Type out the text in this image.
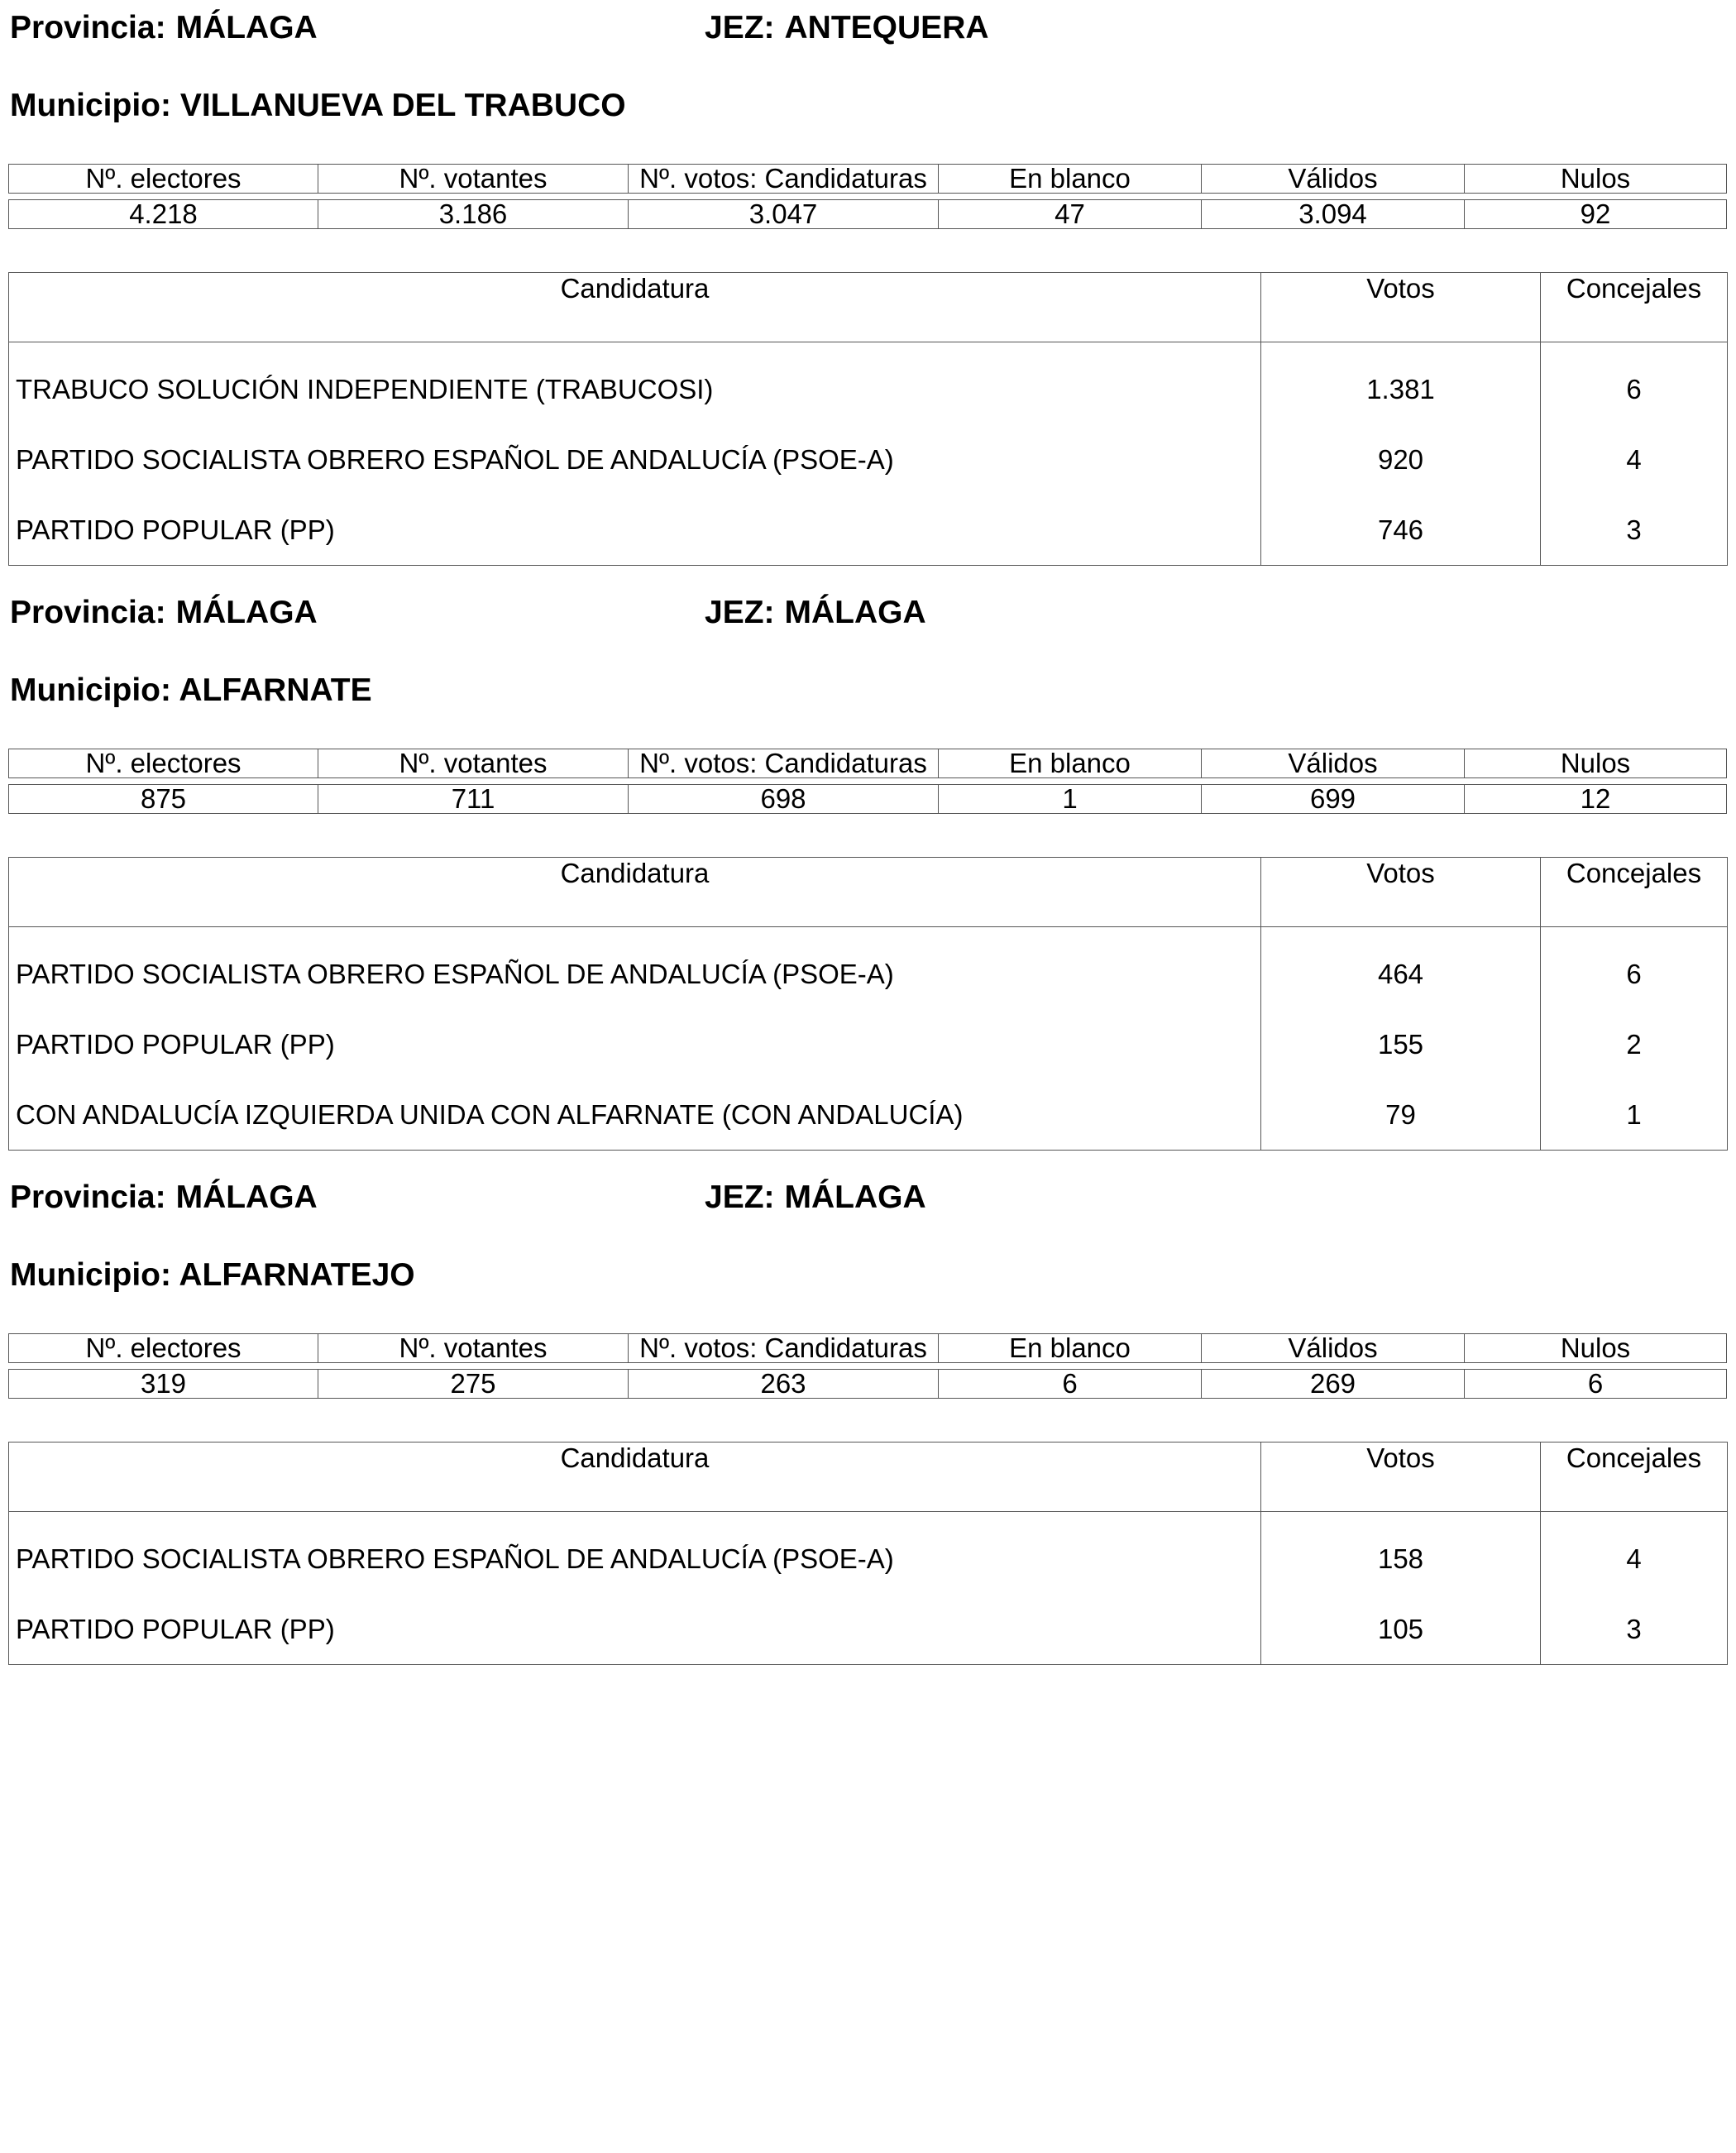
Provincia: MÁLAGA	JEZ: ANTEQUERA
Municipio: VILLANUEVA DEL TRABUCO
Nº. electores	Nº. votantes	Nº. votos: Candidaturas	En blanco	Válidos	Nulos
4.218	3.186	3.047	47	3.094	92
Candidatura	Votos	Concejales
TRABUCO SOLUCIÓN INDEPENDIENTE (TRABUCOSI)	1.381	6
PARTIDO SOCIALISTA OBRERO ESPAÑOL DE ANDALUCÍA (PSOE-A)	920	4
PARTIDO POPULAR (PP)	746	3
Provincia: MÁLAGA	JEZ: MÁLAGA
Municipio: ALFARNATE
Nº. electores	Nº. votantes	Nº. votos: Candidaturas	En blanco	Válidos	Nulos
875	711	698	1	699	12
Candidatura	Votos	Concejales
PARTIDO SOCIALISTA OBRERO ESPAÑOL DE ANDALUCÍA (PSOE-A)	464	6
PARTIDO POPULAR (PP)	155	2
CON ANDALUCÍA IZQUIERDA UNIDA CON ALFARNATE (CON ANDALUCÍA)	79	1
Provincia: MÁLAGA	JEZ: MÁLAGA
Municipio: ALFARNATEJO
Nº. electores	Nº. votantes	Nº. votos: Candidaturas	En blanco	Válidos	Nulos
319	275	263	6	269	6
Candidatura	Votos	Concejales
PARTIDO SOCIALISTA OBRERO ESPAÑOL DE ANDALUCÍA (PSOE-A)	158	4
PARTIDO POPULAR (PP)	105	3
